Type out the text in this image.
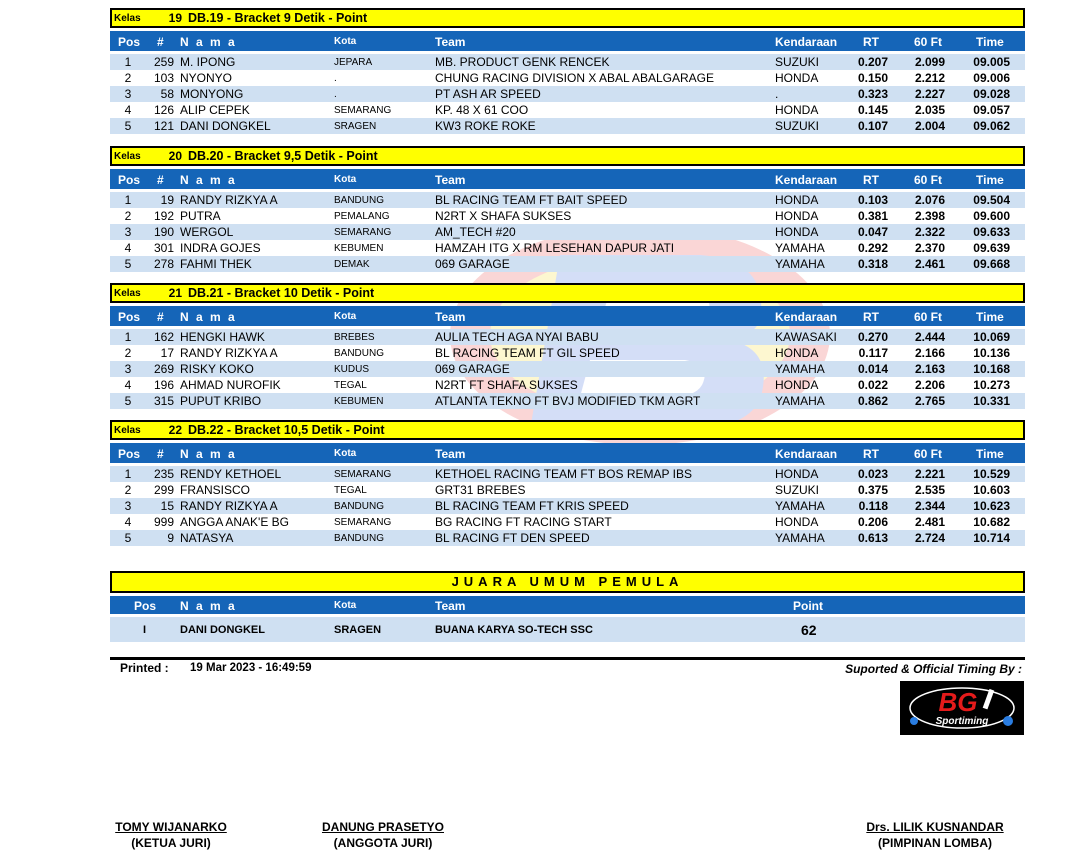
Kelas	19 DB.19 - Bracket 9 Detik - Point
Pos # N a m a	Kota	Team	Kendaraan RT	60 Ft	Time
1	259 M. IPONG	JEPARA	MB. PRODUCT GENK RENCEK	SUZUKI	0.207	2.099	09.005
2	103 NYONYO	.	CHUNG RACING DIVISION X ABAL ABALGARAGE	HONDA	0.150	2.212	09.006
3	58 MONYONG	.	PT ASH AR SPEED	.	0.323	2.227	09.028
4	126 ALIP CEPEK	SEMARANG	KP. 48 X 61 COO	HONDA	0.145	2.035	09.057
5	121 DANI DONGKEL	SRAGEN	KW3 ROKE ROKE	SUZUKI	0.107	2.004	09.062
Kelas	20 DB.20 - Bracket 9,5 Detik - Point
Pos # N a m a	Kota	Team	Kendaraan RT	60 Ft	Time
1	19 RANDY RIZKYA A	BANDUNG	BL RACING TEAM FT BAIT SPEED	HONDA	0.103	2.076	09.504
2	192 PUTRA	PEMALANG	N2RT X SHAFA SUKSES	HONDA	0.381	2.398	09.600
3	190 WERGOL	SEMARANG	AM_TECH #20	HONDA	0.047	2.322	09.633
4	301 INDRA GOJES	KEBUMEN	HAMZAH ITG X RM LESEHAN DAPUR JATI	YAMAHA	0.292	2.370	09.639
5	278 FAHMI THEK	DEMAK	069 GARAGE	YAMAHA	0.318	2.461	09.668
Kelas	21 DB.21 - Bracket 10 Detik - Point
Pos # N a m a	Kota	Team	Kendaraan RT	60 Ft	Time
1	162 HENGKI HAWK	BREBES	AULIA TECH AGA NYAI BABU	KAWASAKI	0.270	2.444	10.069
2	17 RANDY RIZKYA A	BANDUNG	BL RACING TEAM FT GIL SPEED	HONDA	0.117	2.166	10.136
3	269 RISKY KOKO	KUDUS	069 GARAGE	YAMAHA	0.014	2.163	10.168
4	196 AHMAD NUROFIK	TEGAL	N2RT FT SHAFA SUKSES	HONDA	0.022	2.206	10.273
5	315 PUPUT KRIBO	KEBUMEN	ATLANTA TEKNO FT BVJ MODIFIED TKM AGRT	YAMAHA	0.862	2.765	10.331
Kelas	22 DB.22 - Bracket 10,5 Detik - Point
Pos # N a m a	Kota	Team	Kendaraan RT	60 Ft	Time
1	235 RENDY KETHOEL	SEMARANG	KETHOEL RACING TEAM FT BOS REMAP IBS	HONDA	0.023	2.221	10.529
2	299 FRANSISCO	TEGAL	GRT31 BREBES	SUZUKI	0.375	2.535	10.603
3	15 RANDY RIZKYA A	BANDUNG	BL RACING TEAM FT KRIS SPEED	YAMAHA	0.118	2.344	10.623
4	999 ANGGA ANAK'E BG	SEMARANG	BG RACING FT RACING START	HONDA	0.206	2.481	10.682
5	9 NATASYA	BANDUNG	BL RACING FT DEN SPEED	YAMAHA	0.613	2.724	10.714
JUARA UMUM PEMULA
Pos N a m a	Kota	Team	Point
I	DANI DONGKEL	SRAGEN	BUANA KARYA SO-TECH SSC	62
Printed : 19 Mar 2023 - 16:49:59	Suported & Official Timing By :
BG
Sportiming
TOMY WIJANARKO
(KETUA JURI)
DANUNG PRASETYO
(ANGGOTA JURI)
Drs. LILIK KUSNANDAR
(PIMPINAN LOMBA)
